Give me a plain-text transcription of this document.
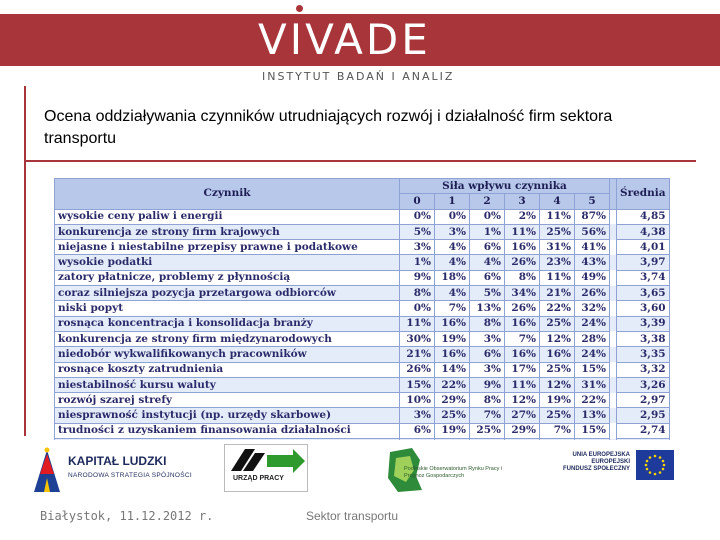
VIVADE
INSTYTUT BADAŃ I ANALIZ
Ocena oddziaływania czynników utrudniających rozwój i działalność firm sektora transportu
Czynnik	Siła wpływu czynnika							Średnia
	0	1	2	3	4	5		
wysokie ceny paliw i energii	0%	0%	0%	2%	11%	87%		4,85
konkurencja ze strony firm krajowych	5%	3%	1%	11%	25%	56%		4,38
niejasne i niestabilne przepisy prawne i podatkowe	3%	4%	6%	16%	31%	41%		4,01
wysokie podatki	1%	4%	4%	26%	23%	43%		3,97
zatory płatnicze, problemy z płynnością	9%	18%	6%	8%	11%	49%		3,74
coraz silniejsza pozycja przetargowa odbiorców	8%	4%	5%	34%	21%	26%		3,65
niski popyt	0%	7%	13%	26%	22%	32%		3,60
rosnąca koncentracja i konsolidacja branży	11%	16%	8%	16%	25%	24%		3,39
konkurencja ze strony firm międzynarodowych	30%	19%	3%	7%	12%	28%		3,38
niedobór wykwalifikowanych pracowników	21%	16%	6%	16%	16%	24%		3,35
rosnące koszty zatrudnienia	26%	14%	3%	17%	25%	15%		3,32
niestabilność kursu waluty	15%	22%	9%	11%	12%	31%		3,26
rozwój szarej strefy	10%	29%	8%	12%	19%	22%		2,97
niesprawność instytucji (np. urzędy skarbowe)	3%	25%	7%	27%	25%	13%		2,95
trudności z uzyskaniem finansowania działalności	6%	19%	25%	29%	7%	15%		2,74

KAPITAŁ LUDZKI
NARODOWA STRATEGIA SPÓJNOŚCI	URZĄD PRACY
Podlaskie Obserwatorium Rynku Pracy i Prognoz Gospodarczych
UNIA EUROPEJSKA
EUROPEJSKI
FUNDUSZ SPOŁECZNY
Białystok, 11.12.2012 r.	Sektor transportu
